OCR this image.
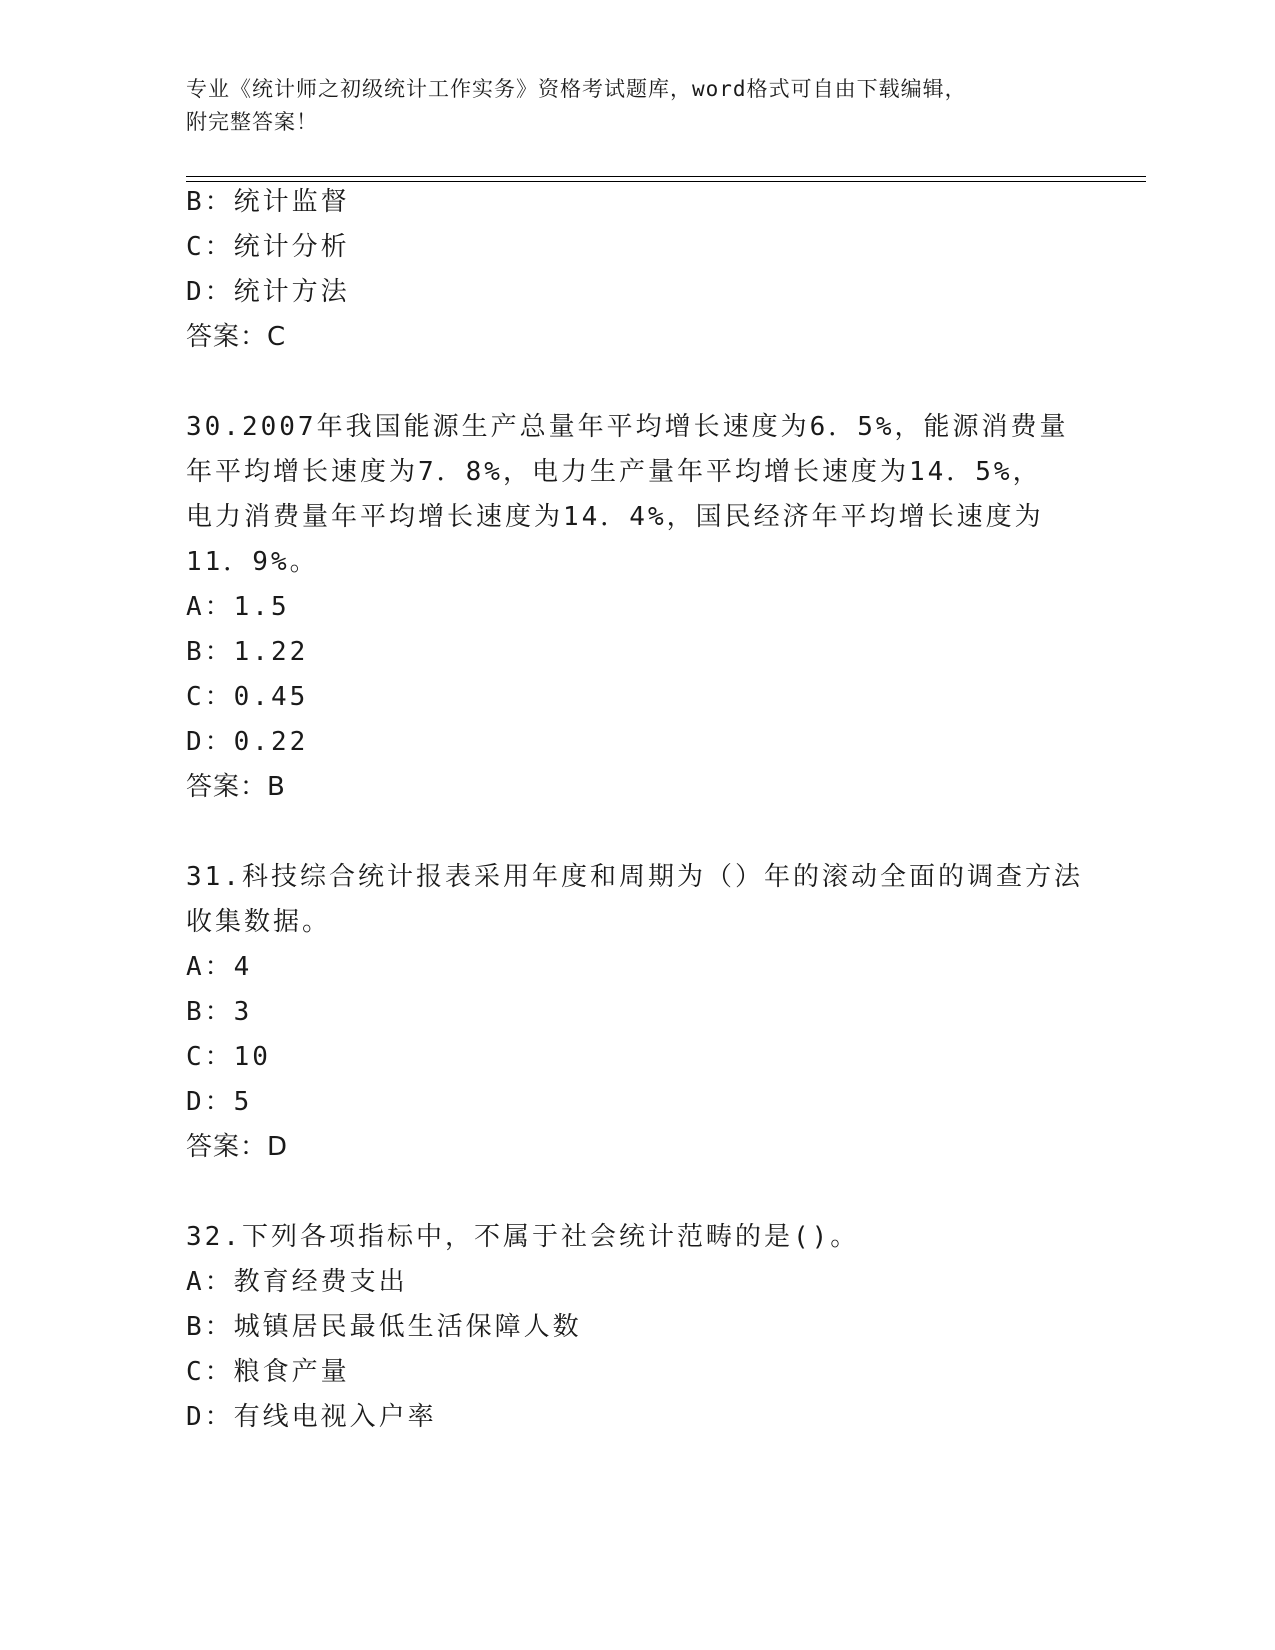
专业《统计师之初级统计工作实务》资格考试题库，word格式可自由下载编辑，
附完整答案！
B：统计监督
C：统计分析
D：统计方法
答案：C
30.2007年我国能源生产总量年平均增长速度为6．5%，能源消费量
年平均增长速度为7．8%，电力生产量年平均增长速度为14．5%，
电力消费量年平均增长速度为14．4%，国民经济年平均增长速度为
11．9%。
A：1.5
B：1.22
C：0.45
D：0.22
答案：B
31.科技综合统计报表采用年度和周期为（）年的滚动全面的调查方法
收集数据。
A：4
B：3
C：10
D：5
答案：D
32.下列各项指标中，不属于社会统计范畴的是()。
A：教育经费支出
B：城镇居民最低生活保障人数
C：粮食产量
D：有线电视入户率
